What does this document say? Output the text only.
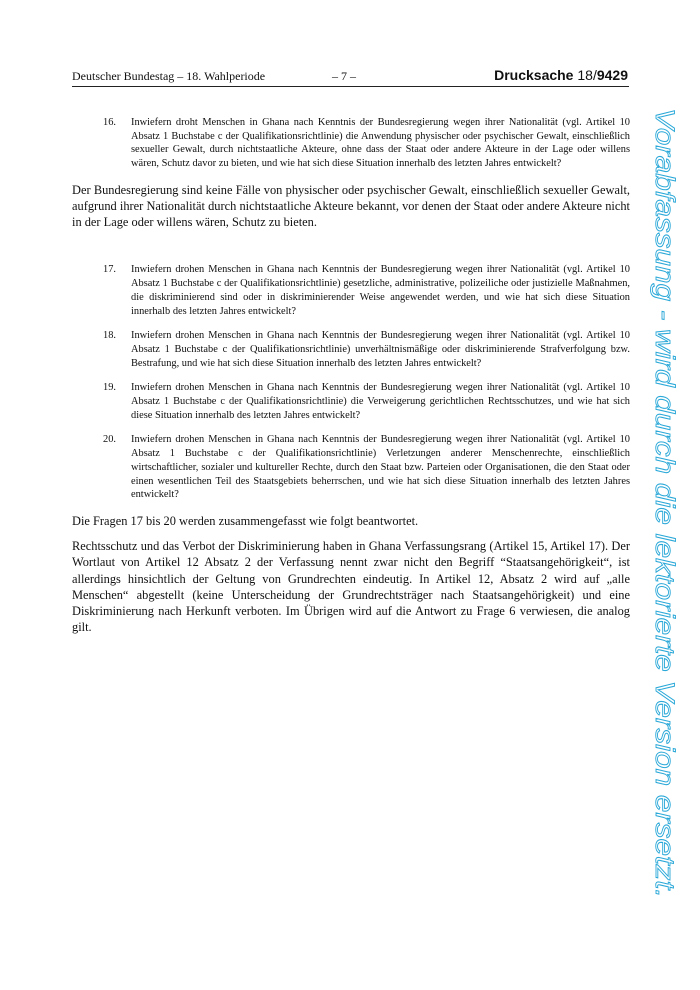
Deutscher Bundestag – 18. Wahlperiode	– 7 –	Drucksache 18/9429
16. Inwiefern droht Menschen in Ghana nach Kenntnis der Bundesregierung wegen ihrer Nationalität (vgl. Artikel 10 Absatz 1 Buchstabe c der Qualifikationsrichtlinie) die Anwendung physischer oder psychischer Gewalt, einschließlich sexueller Gewalt, durch nichtstaatliche Akteure, ohne dass der Staat oder andere Akteure in der Lage oder willens wären, Schutz davor zu bieten, und wie hat sich diese Situation innerhalb des letzten Jahres entwickelt?

Der Bundesregierung sind keine Fälle von physischer oder psychischer Gewalt, einschließlich sexueller Gewalt, aufgrund ihrer Nationalität durch nichtstaatliche Akteure bekannt, vor denen der Staat oder andere Akteure nicht in der Lage oder willens wären, Schutz zu bieten.

17. Inwiefern drohen Menschen in Ghana nach Kenntnis der Bundesregierung wegen ihrer Nationalität (vgl. Artikel 10 Absatz 1 Buchstabe c der Qualifikationsrichtlinie) gesetzliche, administrative, polizeiliche oder justizielle Maßnahmen, die diskriminierend sind oder in diskriminierender Weise angewendet werden, und wie hat sich diese Situation innerhalb des letzten Jahres entwickelt?
18. Inwiefern drohen Menschen in Ghana nach Kenntnis der Bundesregierung wegen ihrer Nationalität (vgl. Artikel 10 Absatz 1 Buchstabe c der Qualifikationsrichtlinie) unverhältnismäßige oder diskriminierende Strafverfolgung bzw. Bestrafung, und wie hat sich diese Situation innerhalb des letzten Jahres entwickelt?
19. Inwiefern drohen Menschen in Ghana nach Kenntnis der Bundesregierung wegen ihrer Nationalität (vgl. Artikel 10 Absatz 1 Buchstabe c der Qualifikationsrichtlinie) die Verweigerung gerichtlichen Rechtsschutzes, und wie hat sich diese Situation innerhalb des letzten Jahres entwickelt?
20. Inwiefern drohen Menschen in Ghana nach Kenntnis der Bundesregierung wegen ihrer Nationalität (vgl. Artikel 10 Absatz 1 Buchstabe c der Qualifikationsrichtlinie) Verletzungen anderer Menschenrechte, einschließlich wirtschaftlicher, sozialer und kultureller Rechte, durch den Staat bzw. Parteien oder Organisationen, die den Staat oder einen wesentlichen Teil des Staatsgebiets beherrschen, und wie hat sich diese Situation innerhalb des letzten Jahres entwickelt?

Die Fragen 17 bis 20 werden zusammengefasst wie folgt beantwortet.

Rechtsschutz und das Verbot der Diskriminierung haben in Ghana Verfassungsrang (Artikel 15, Artikel 17). Der Wortlaut von Artikel 12 Absatz 2 der Verfassung nennt zwar nicht den Begriff “Staatsangehörigkeit“, ist allerdings hinsichtlich der Geltung von Grundrechten eindeutig. In Artikel 12, Absatz 2 wird auf „alle Menschen“ abgestellt (keine Unterscheidung der Grundrechtsträger nach Staatsangehörigkeit) und eine Diskriminierung nach Herkunft verboten. Im Übrigen wird auf die Antwort zu Frage 6 verwiesen, die analog gilt.	Vorabfassung - wird durch die lektorierte Version ersetzt.
